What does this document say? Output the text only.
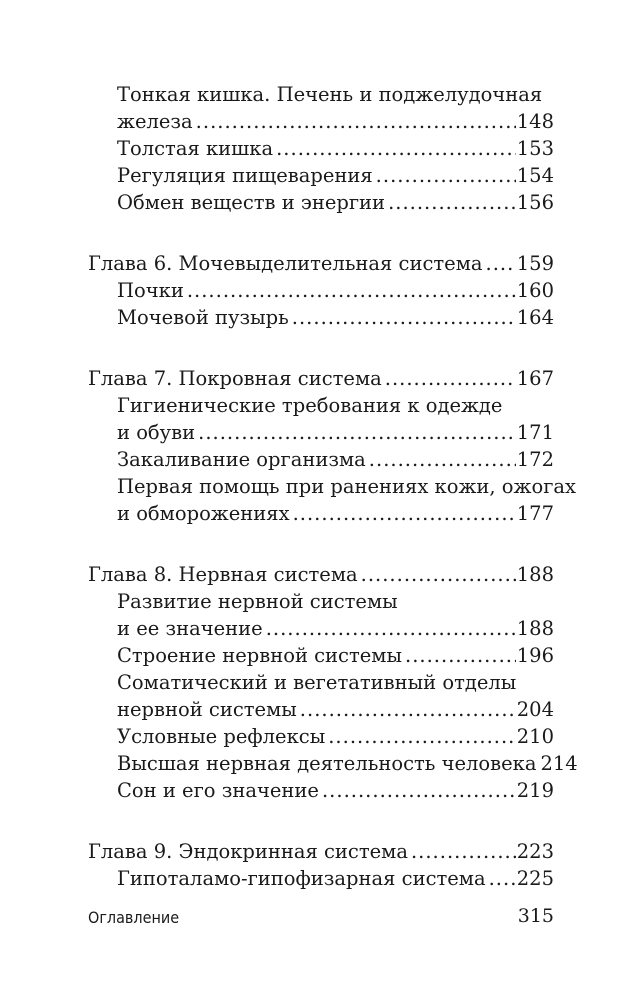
Тонкая кишка. Печень и поджелудочная
железа .....	148
Толстая кишка .....	153
Регуляция пищеварения .....	154
Обмен веществ и энергии .....	156
Глава 6. Мочевыделительная система ..... 159
Почки .....	160
Мочевой пузырь .....	164
Глава 7. Покровная система .....	167
Гигиенические требования к одежде
и обуви .....	171
Закаливание организма .....	172
Первая помощь при ранениях кожи, ожогах
и обморожениях .....	177
Глава 8. Нервная система .....	188
Развитие нервной системы
и ее значение .....	188
Строение нервной системы .....	196
Соматический и вегетативный отделы
нервной системы .....	204
Условные рефлексы .....	210
Высшая нервная деятельность человека 214
Сон и его значение .....	219
Глава 9. Эндокринная система .....	223
Гипоталамо-гипофизарная система ..... 225
Оглавление	315
